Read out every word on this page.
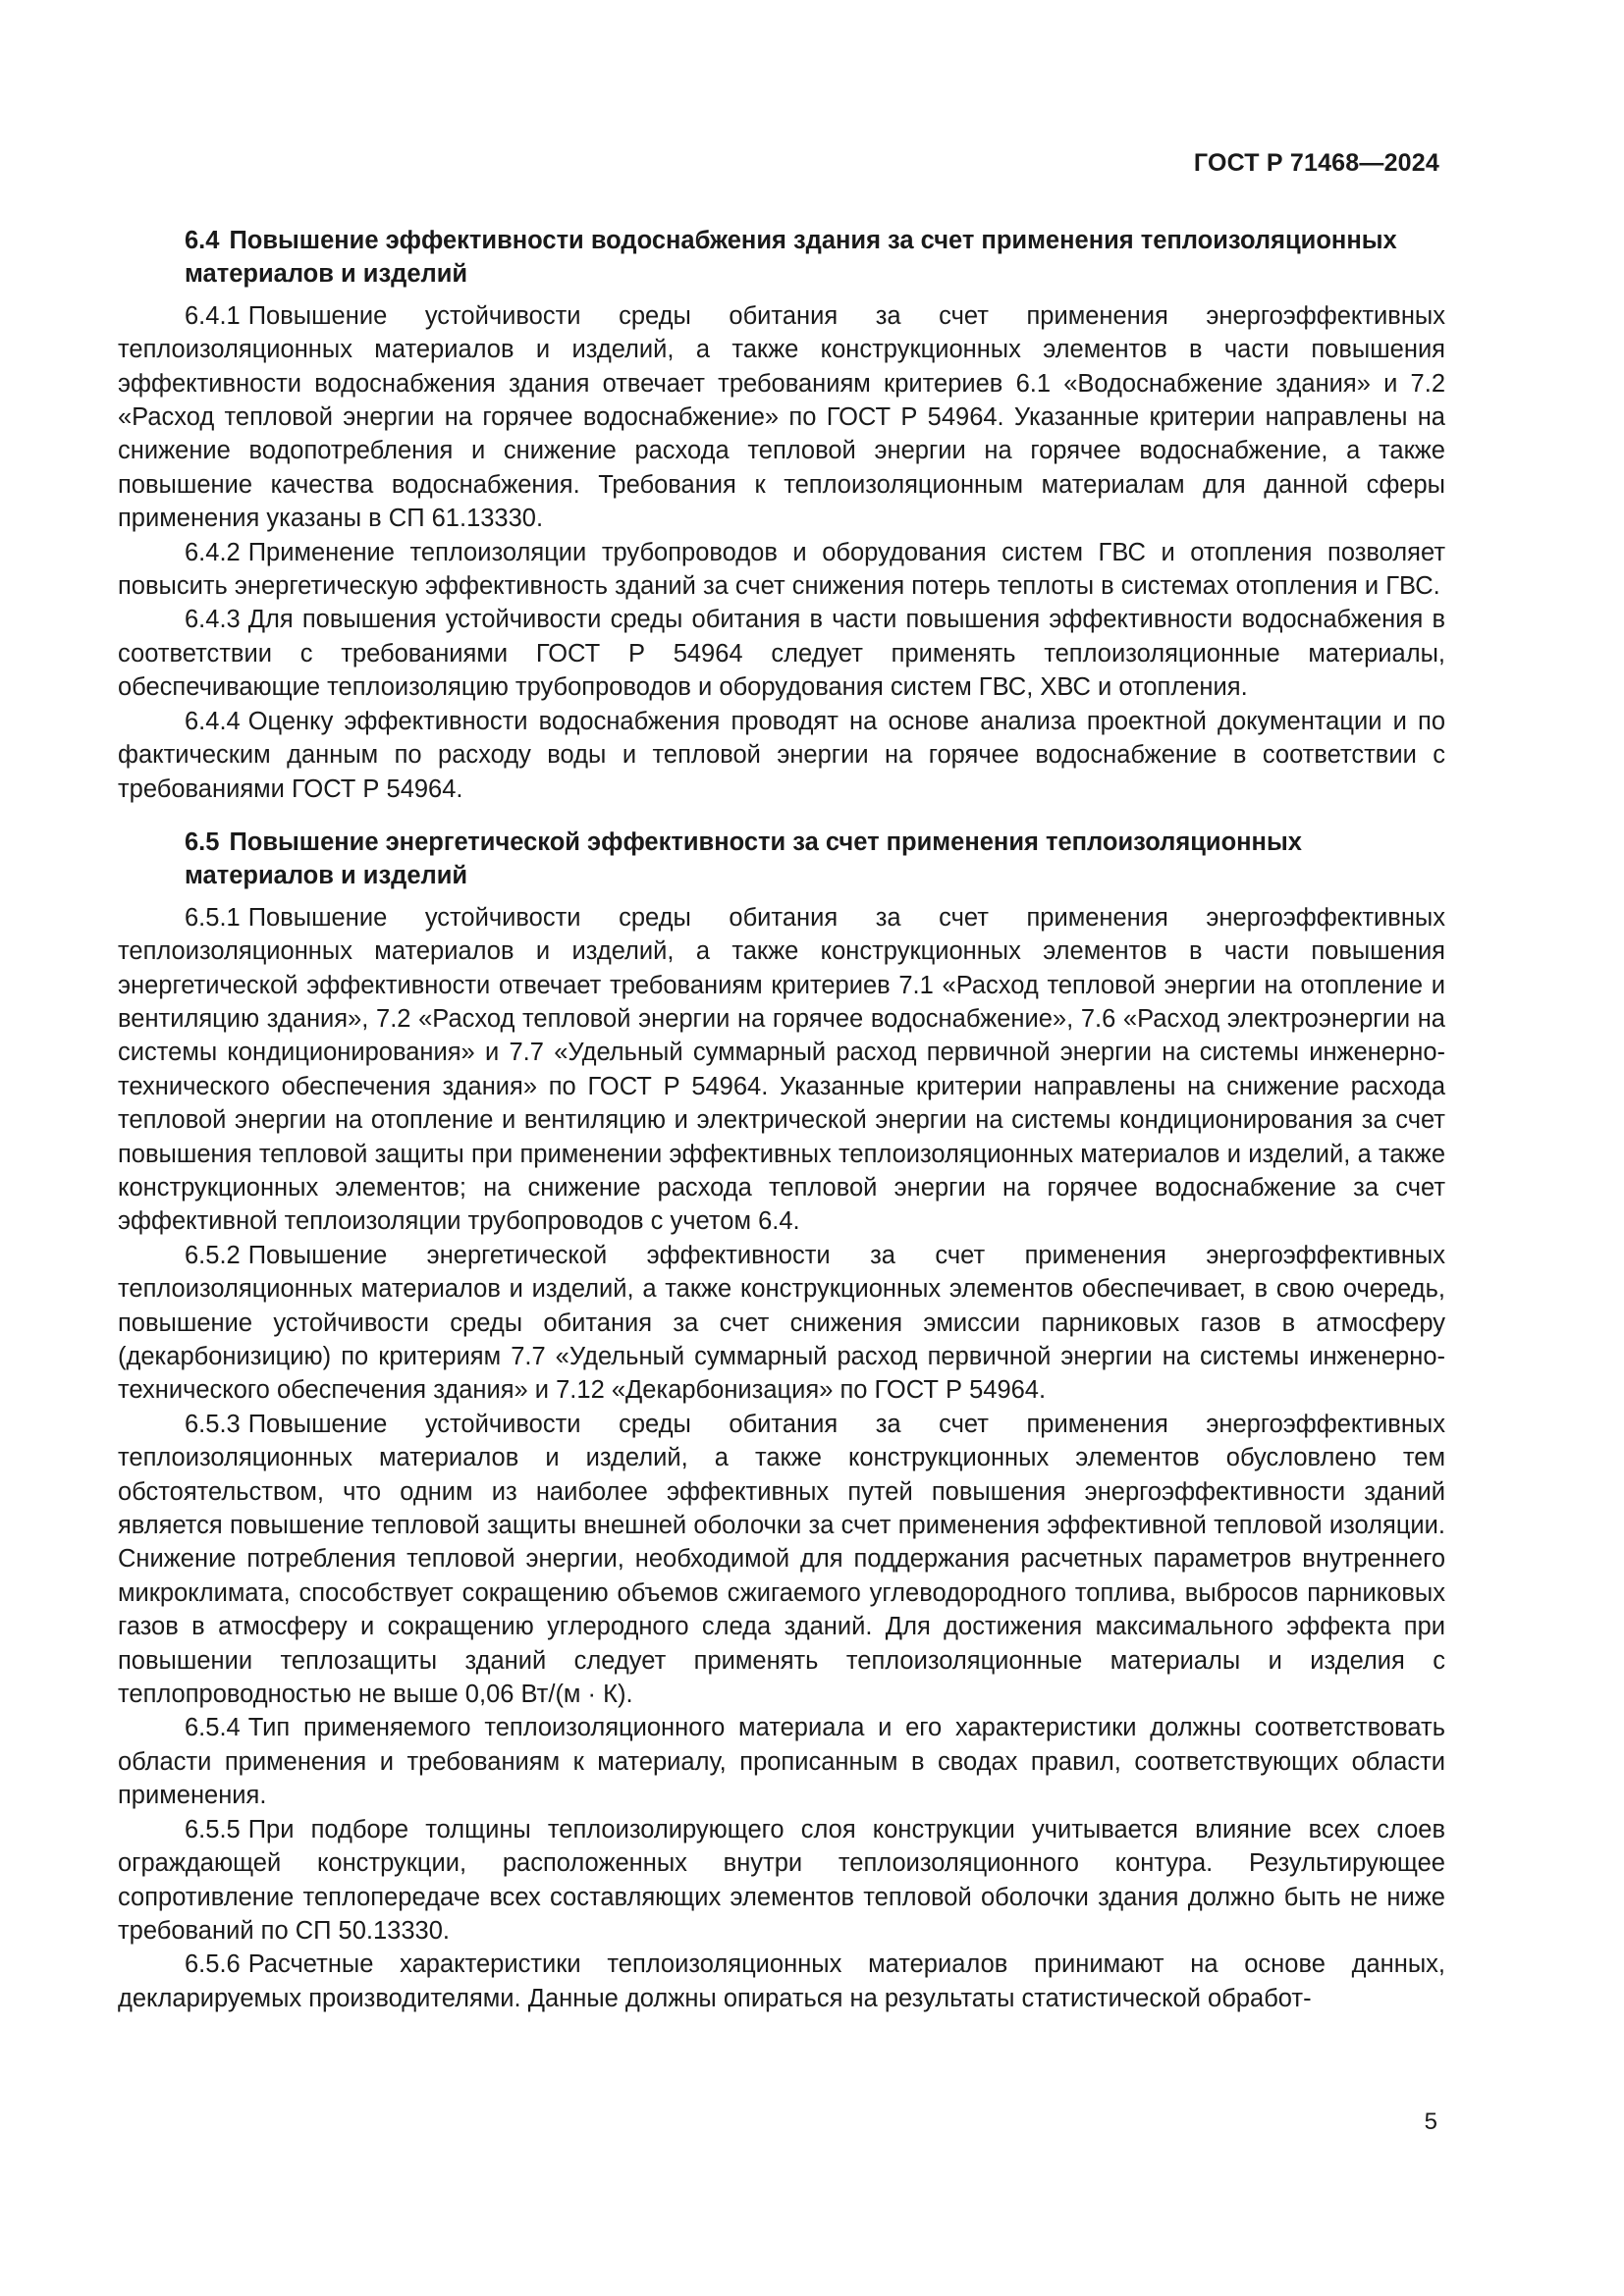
ГОСТ Р 71468—2024
6.4 Повышение эффективности водоснабжения здания за счет применения теплоизоляционных материалов и изделий

6.4.1 Повышение устойчивости среды обитания за счет применения энергоэффективных теплоизоляционных материалов и изделий, а также конструкционных элементов в части повышения эффективности водоснабжения здания отвечает требованиям критериев 6.1 «Водоснабжение здания» и 7.2 «Расход тепловой энергии на горячее водоснабжение» по ГОСТ Р 54964. Указанные критерии направлены на снижение водопотребления и снижение расхода тепловой энергии на горячее водоснабжение, а также повышение качества водоснабжения. Требования к теплоизоляционным материалам для данной сферы применения указаны в СП 61.13330.

6.4.2 Применение теплоизоляции трубопроводов и оборудования систем ГВС и отопления позволяет повысить энергетическую эффективность зданий за счет снижения потерь теплоты в системах отопления и ГВС.

6.4.3 Для повышения устойчивости среды обитания в части повышения эффективности водоснабжения в соответствии с требованиями ГОСТ Р 54964 следует применять теплоизоляционные материалы, обеспечивающие теплоизоляцию трубопроводов и оборудования систем ГВС, ХВС и отопления.

6.4.4 Оценку эффективности водоснабжения проводят на основе анализа проектной документации и по фактическим данным по расходу воды и тепловой энергии на горячее водоснабжение в соответствии с требованиями ГОСТ Р 54964.

6.5 Повышение энергетической эффективности за счет применения теплоизоляционных материалов и изделий

6.5.1 Повышение устойчивости среды обитания за счет применения энергоэффективных теплоизоляционных материалов и изделий, а также конструкционных элементов в части повышения энергетической эффективности отвечает требованиям критериев 7.1 «Расход тепловой энергии на отопление и вентиляцию здания», 7.2 «Расход тепловой энергии на горячее водоснабжение», 7.6 «Расход электроэнергии на системы кондиционирования» и 7.7 «Удельный суммарный расход первичной энергии на системы инженерно-технического обеспечения здания» по ГОСТ Р 54964. Указанные критерии направлены на снижение расхода тепловой энергии на отопление и вентиляцию и электрической энергии на системы кондиционирования за счет повышения тепловой защиты при применении эффективных теплоизоляционных материалов и изделий, а также конструкционных элементов; на снижение расхода тепловой энергии на горячее водоснабжение за счет эффективной теплоизоляции трубопроводов с учетом 6.4.

6.5.2 Повышение энергетической эффективности за счет применения энергоэффективных теплоизоляционных материалов и изделий, а также конструкционных элементов обеспечивает, в свою очередь, повышение устойчивости среды обитания за счет снижения эмиссии парниковых газов в атмосферу (декарбонизицию) по критериям 7.7 «Удельный суммарный расход первичной энергии на системы инженерно-технического обеспечения здания» и 7.12 «Декарбонизация» по ГОСТ Р 54964.

6.5.3 Повышение устойчивости среды обитания за счет применения энергоэффективных теплоизоляционных материалов и изделий, а также конструкционных элементов обусловлено тем обстоятельством, что одним из наиболее эффективных путей повышения энергоэффективности зданий является повышение тепловой защиты внешней оболочки за счет применения эффективной тепловой изоляции. Снижение потребления тепловой энергии, необходимой для поддержания расчетных параметров внутреннего микроклимата, способствует сокращению объемов сжигаемого углеводородного топлива, выбросов парниковых газов в атмосферу и сокращению углеродного следа зданий. Для достижения максимального эффекта при повышении теплозащиты зданий следует применять теплоизоляционные материалы и изделия с теплопроводностью не выше 0,06 Вт/(м · К).

6.5.4 Тип применяемого теплоизоляционного материала и его характеристики должны соответствовать области применения и требованиям к материалу, прописанным в сводах правил, соответствующих области применения.

6.5.5 При подборе толщины теплоизолирующего слоя конструкции учитывается влияние всех слоев ограждающей конструкции, расположенных внутри теплоизоляционного контура. Результирующее сопротивление теплопередаче всех составляющих элементов тепловой оболочки здания должно быть не ниже требований по СП 50.13330.

6.5.6 Расчетные характеристики теплоизоляционных материалов принимают на основе данных, декларируемых производителями. Данные должны опираться на результаты статистической обработ-

5
